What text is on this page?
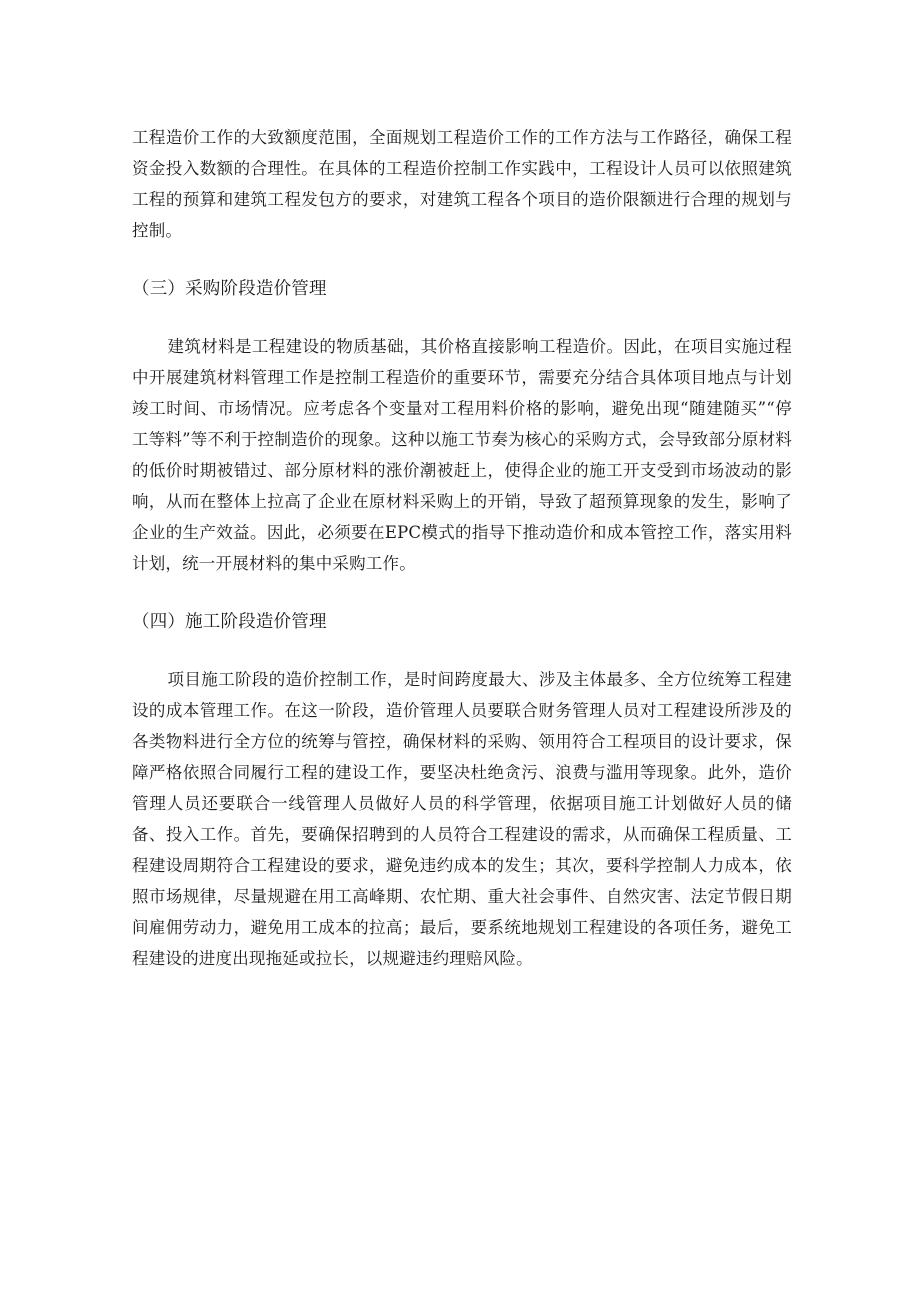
工程造价工作的大致额度范围，全面规划工程造价工作的工作方法与工作路径，确保工程资金投入数额的合理性。在具体的工程造价控制工作实践中，工程设计人员可以依照建筑工程的预算和建筑工程发包方的要求，对建筑工程各个项目的造价限额进行合理的规划与控制。

（三）采购阶段造价管理

建筑材料是工程建设的物质基础，其价格直接影响工程造价。因此，在项目实施过程中开展建筑材料管理工作是控制工程造价的重要环节，需要充分结合具体项目地点与计划竣工时间、市场情况。应考虑各个变量对工程用料价格的影响，避免出现“随建随买”“停工等料”等不利于控制造价的现象。这种以施工节奏为核心的采购方式，会导致部分原材料的低价时期被错过、部分原材料的涨价潮被赶上，使得企业的施工开支受到市场波动的影响，从而在整体上拉高了企业在原材料采购上的开销，导致了超预算现象的发生，影响了企业的生产效益。因此，必须要在EPC模式的指导下推动造价和成本管控工作，落实用料计划，统一开展材料的集中采购工作。

（四）施工阶段造价管理

项目施工阶段的造价控制工作，是时间跨度最大、涉及主体最多、全方位统筹工程建设的成本管理工作。在这一阶段，造价管理人员要联合财务管理人员对工程建设所涉及的各类物料进行全方位的统筹与管控，确保材料的采购、领用符合工程项目的设计要求，保障严格依照合同履行工程的建设工作，要坚决杜绝贪污、浪费与滥用等现象。此外，造价管理人员还要联合一线管理人员做好人员的科学管理，依据项目施工计划做好人员的储备、投入工作。首先，要确保招聘到的人员符合工程建设的需求，从而确保工程质量、工程建设周期符合工程建设的要求，避免违约成本的发生；其次，要科学控制人力成本，依照市场规律，尽量规避在用工高峰期、农忙期、重大社会事件、自然灾害、法定节假日期间雇佣劳动力，避免用工成本的拉高；最后，要系统地规划工程建设的各项任务，避免工程建设的进度出现拖延或拉长，以规避违约理赔风险。
